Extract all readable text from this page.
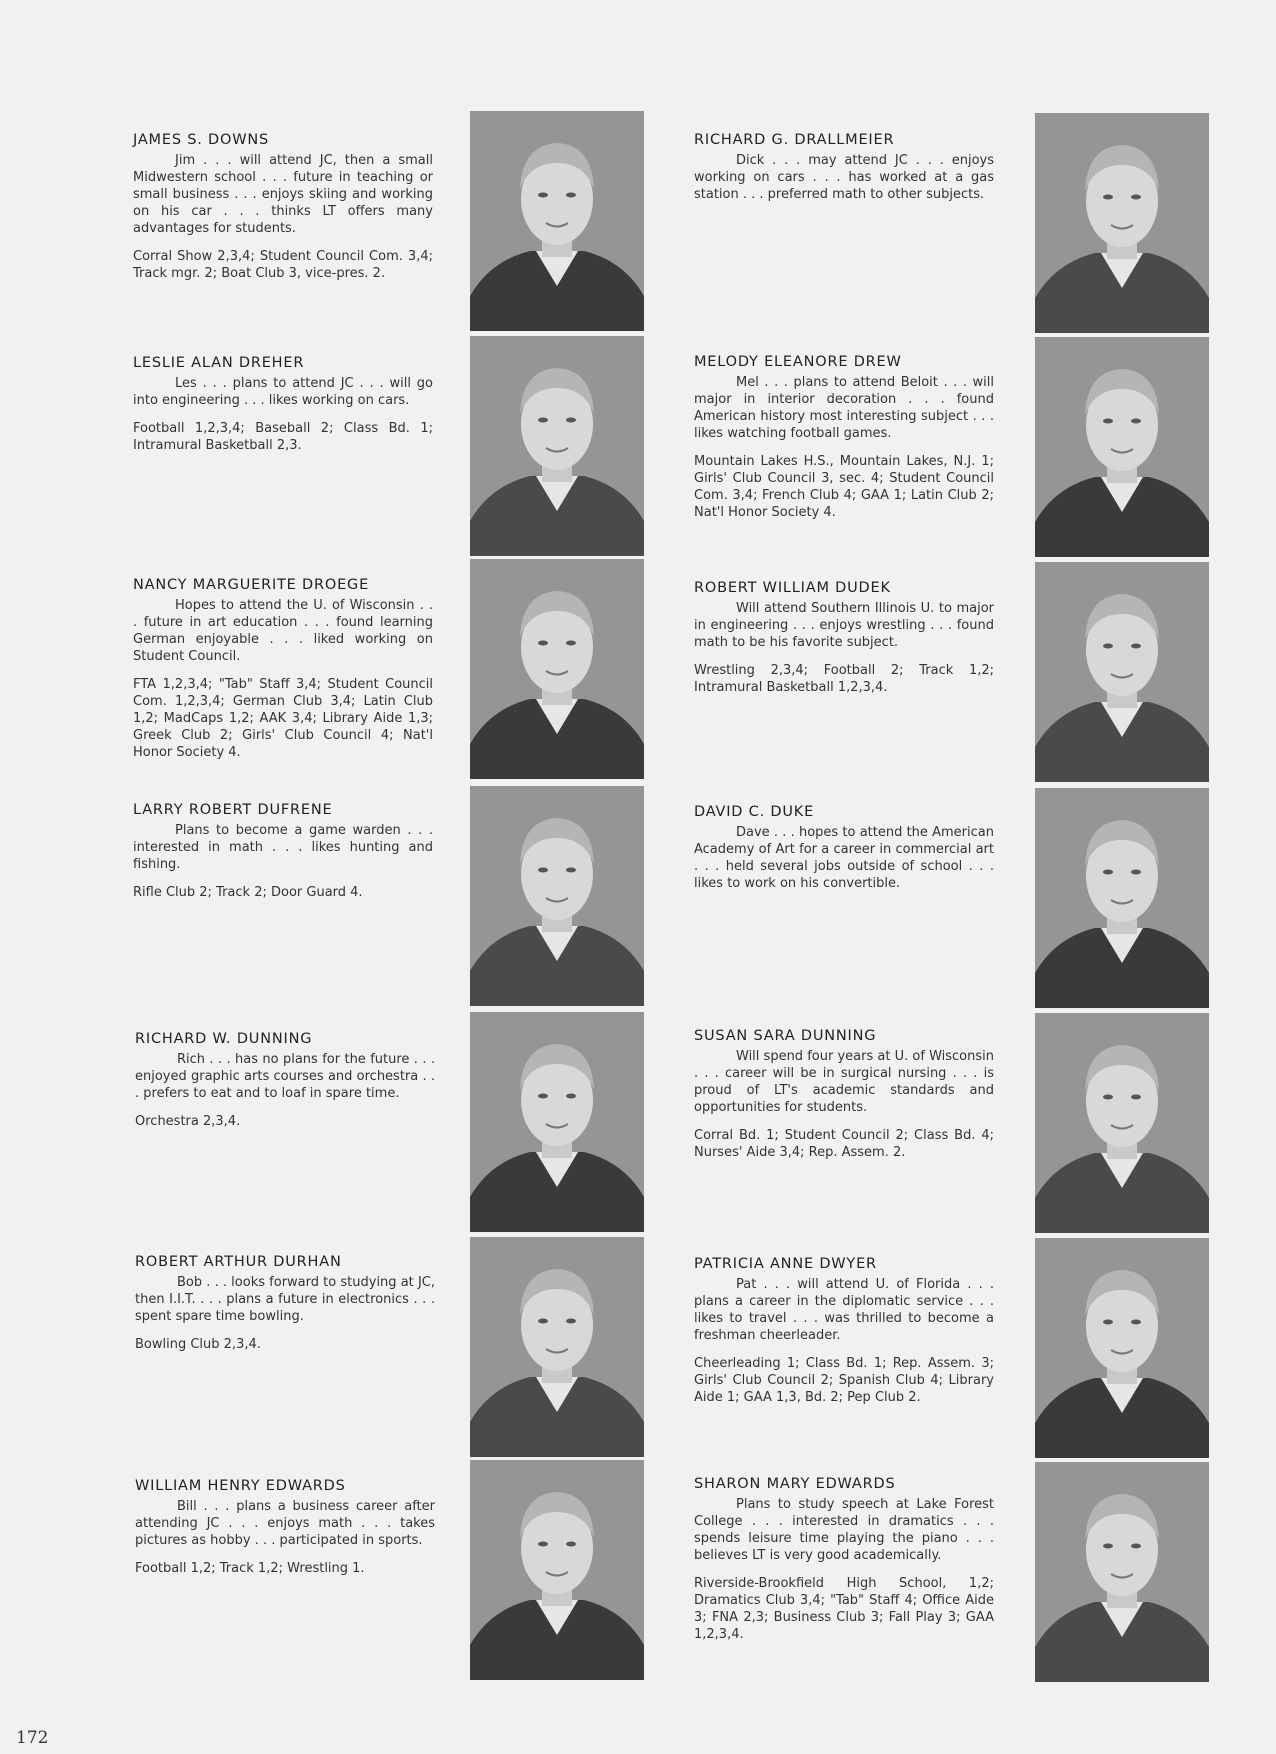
JAMES S. DOWNS

Jim . . . will attend JC, then a small Midwestern school . . . future in teaching or small business . . . enjoys skiing and working on his car . . . thinks LT offers many advantages for students.

Corral Show 2,3,4; Student Council Com. 3,4; Track mgr. 2; Boat Club 3, vice-pres. 2.

LESLIE ALAN DREHER

Les . . . plans to attend JC . . . will go into engineering . . . likes working on cars.

Football 1,2,3,4; Baseball 2; Class Bd. 1; Intramural Basketball 2,3.

NANCY MARGUERITE DROEGE

Hopes to attend the U. of Wisconsin . . . future in art education . . . found learning German enjoyable . . . liked working on Student Council.

FTA 1,2,3,4; "Tab" Staff 3,4; Student Council Com. 1,2,3,4; German Club 3,4; Latin Club 1,2; MadCaps 1,2; AAK 3,4; Library Aide 1,3; Greek Club 2; Girls' Club Council 4; Nat'l Honor Society 4.

LARRY ROBERT DUFRENE

Plans to become a game warden . . . interested in math . . . likes hunting and fishing.

Rifle Club 2; Track 2; Door Guard 4.

RICHARD W. DUNNING

Rich . . . has no plans for the future . . . enjoyed graphic arts courses and orchestra . . . prefers to eat and to loaf in spare time.

Orchestra 2,3,4.

ROBERT ARTHUR DURHAN

Bob . . . looks forward to studying at JC, then I.I.T. . . . plans a future in electronics . . . spent spare time bowling.

Bowling Club 2,3,4.

WILLIAM HENRY EDWARDS

Bill . . . plans a business career after attending JC . . . enjoys math . . . takes pictures as hobby . . . participated in sports.

Football 1,2; Track 1,2; Wrestling 1.

RICHARD G. DRALLMEIER

Dick . . . may attend JC . . . enjoys working on cars . . . has worked at a gas station . . . preferred math to other subjects.

MELODY ELEANORE DREW

Mel . . . plans to attend Beloit . . . will major in interior decoration . . . found American history most interesting subject . . . likes watching football games.

Mountain Lakes H.S., Mountain Lakes, N.J. 1; Girls' Club Council 3, sec. 4; Student Council Com. 3,4; French Club 4; GAA 1; Latin Club 2; Nat'l Honor Society 4.

ROBERT WILLIAM DUDEK

Will attend Southern Illinois U. to major in engineering . . . enjoys wrestling . . . found math to be his favorite subject.

Wrestling 2,3,4; Football 2; Track 1,2; Intramural Basketball 1,2,3,4.

DAVID C. DUKE

Dave . . . hopes to attend the American Academy of Art for a career in commercial art . . . held several jobs outside of school . . . likes to work on his convertible.

SUSAN SARA DUNNING

Will spend four years at U. of Wisconsin . . . career will be in surgical nursing . . . is proud of LT's academic standards and opportunities for students.

Corral Bd. 1; Student Council 2; Class Bd. 4; Nurses' Aide 3,4; Rep. Assem. 2.

PATRICIA ANNE DWYER

Pat . . . will attend U. of Florida . . . plans a career in the diplomatic service . . . likes to travel . . . was thrilled to become a freshman cheerleader.

Cheerleading 1; Class Bd. 1; Rep. Assem. 3; Girls' Club Council 2; Spanish Club 4; Library Aide 1; GAA 1,3, Bd. 2; Pep Club 2.

SHARON MARY EDWARDS

Plans to study speech at Lake Forest College . . . interested in dramatics . . . spends leisure time playing the piano . . . believes LT is very good academically.

Riverside-Brookfield High School, 1,2; Dramatics Club 3,4; "Tab" Staff 4; Office Aide 3; FNA 2,3; Business Club 3; Fall Play 3; GAA 1,2,3,4.

172
